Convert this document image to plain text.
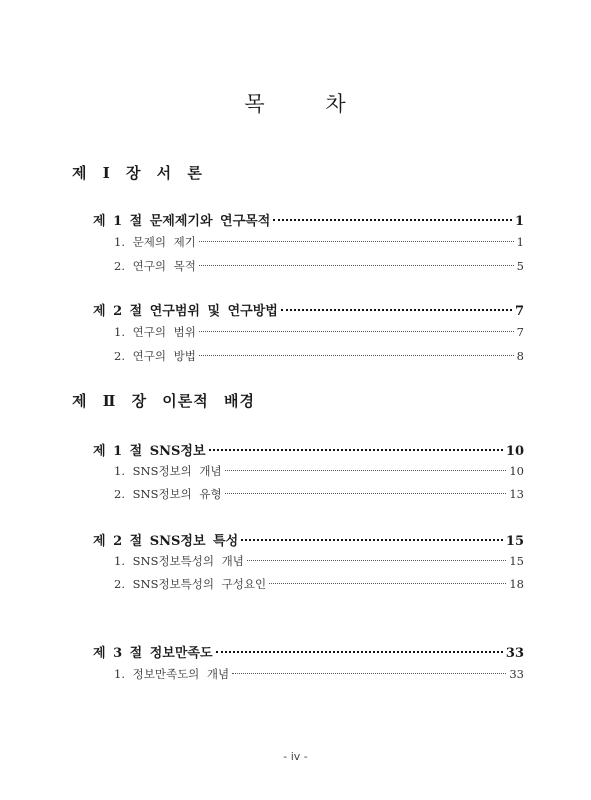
목 차
제 Ⅰ 장 서 론
제 1 절 문제제기와 연구목적	1
1. 문제의 제기	1
2. 연구의 목적	5
제 2 절 연구범위 및 연구방법	7
1. 연구의 범위	7
2. 연구의 방법	8
제 Ⅱ 장 이론적 배경
제 1 절 SNS정보	10
1. SNS정보의 개념	10
2. SNS정보의 유형	13
제 2 절 SNS정보 특성	15
1. SNS정보특성의 개념	15
2. SNS정보특성의 구성요인	18
제 3 절 정보만족도	33
1. 정보만족도의 개념	33
- iv -
